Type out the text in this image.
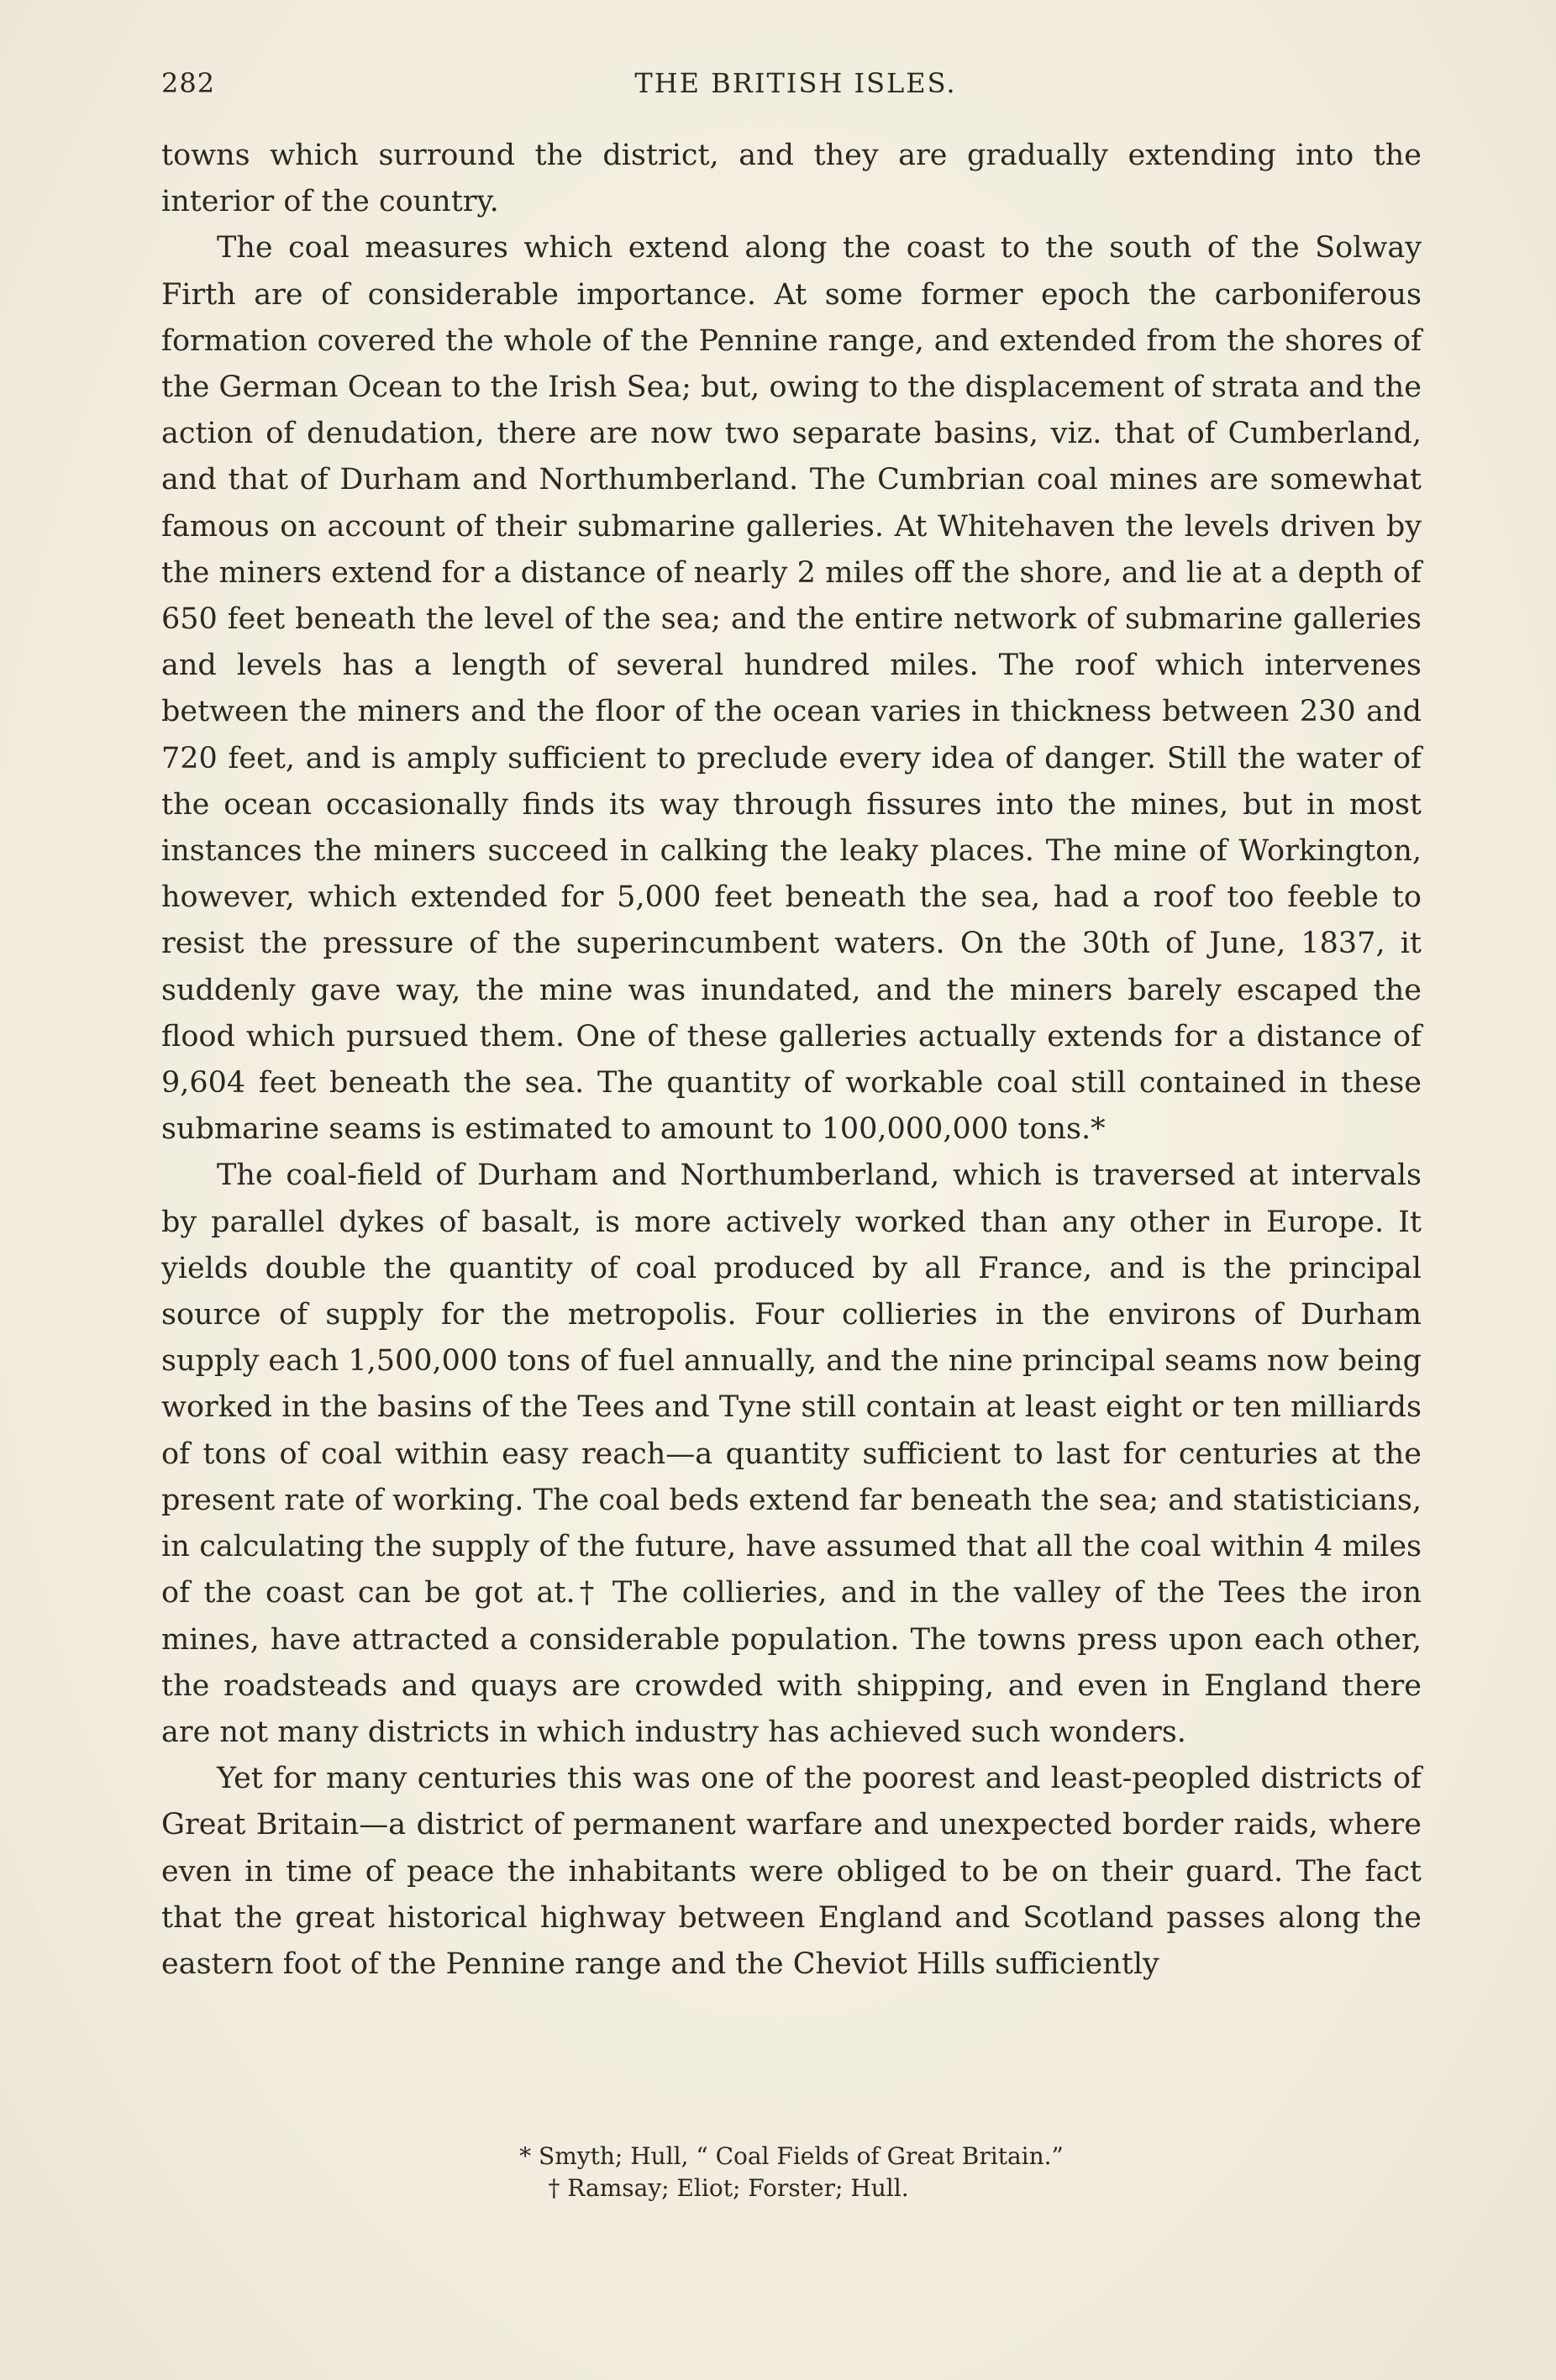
282	THE BRITISH ISLES.

towns which surround the district, and they are gradually extending into the interior of the country.

The coal measures which extend along the coast to the south of the Solway Firth are of considerable importance. At some former epoch the carboniferous formation covered the whole of the Pennine range, and extended from the shores of the German Ocean to the Irish Sea; but, owing to the displacement of strata and the action of denudation, there are now two separate basins, viz. that of Cumberland, and that of Durham and Northumberland. The Cumbrian coal mines are somewhat famous on account of their submarine galleries. At Whitehaven the levels driven by the miners extend for a distance of nearly 2 miles off the shore, and lie at a depth of 650 feet beneath the level of the sea; and the entire network of submarine galleries and levels has a length of several hundred miles. The roof which intervenes between the miners and the floor of the ocean varies in thickness between 230 and 720 feet, and is amply sufficient to preclude every idea of danger. Still the water of the ocean occasionally finds its way through fissures into the mines, but in most instances the miners succeed in calking the leaky places. The mine of Workington, however, which extended for 5,000 feet beneath the sea, had a roof too feeble to resist the pressure of the superincumbent waters. On the 30th of June, 1837, it suddenly gave way, the mine was inundated, and the miners barely escaped the flood which pursued them. One of these galleries actually extends for a distance of 9,604 feet beneath the sea. The quantity of workable coal still contained in these submarine seams is estimated to amount to 100,000,000 tons.*

The coal-field of Durham and Northumberland, which is traversed at intervals by parallel dykes of basalt, is more actively worked than any other in Europe. It yields double the quantity of coal produced by all France, and is the principal source of supply for the metropolis. Four collieries in the environs of Durham supply each 1,500,000 tons of fuel annually, and the nine principal seams now being worked in the basins of the Tees and Tyne still contain at least eight or ten milliards of tons of coal within easy reach—a quantity sufficient to last for centuries at the present rate of working. The coal beds extend far beneath the sea; and statisticians, in calculating the supply of the future, have assumed that all the coal within 4 miles of the coast can be got at.† The collieries, and in the valley of the Tees the iron mines, have attracted a considerable population. The towns press upon each other, the roadsteads and quays are crowded with shipping, and even in England there are not many districts in which industry has achieved such wonders.

Yet for many centuries this was one of the poorest and least-peopled districts of Great Britain—a district of permanent warfare and unexpected border raids, where even in time of peace the inhabitants were obliged to be on their guard. The fact that the great historical highway between England and Scotland passes along the eastern foot of the Pennine range and the Cheviot Hills sufficiently

* Smyth; Hull, “ Coal Fields of Great Britain.”
† Ramsay; Eliot; Forster; Hull.
